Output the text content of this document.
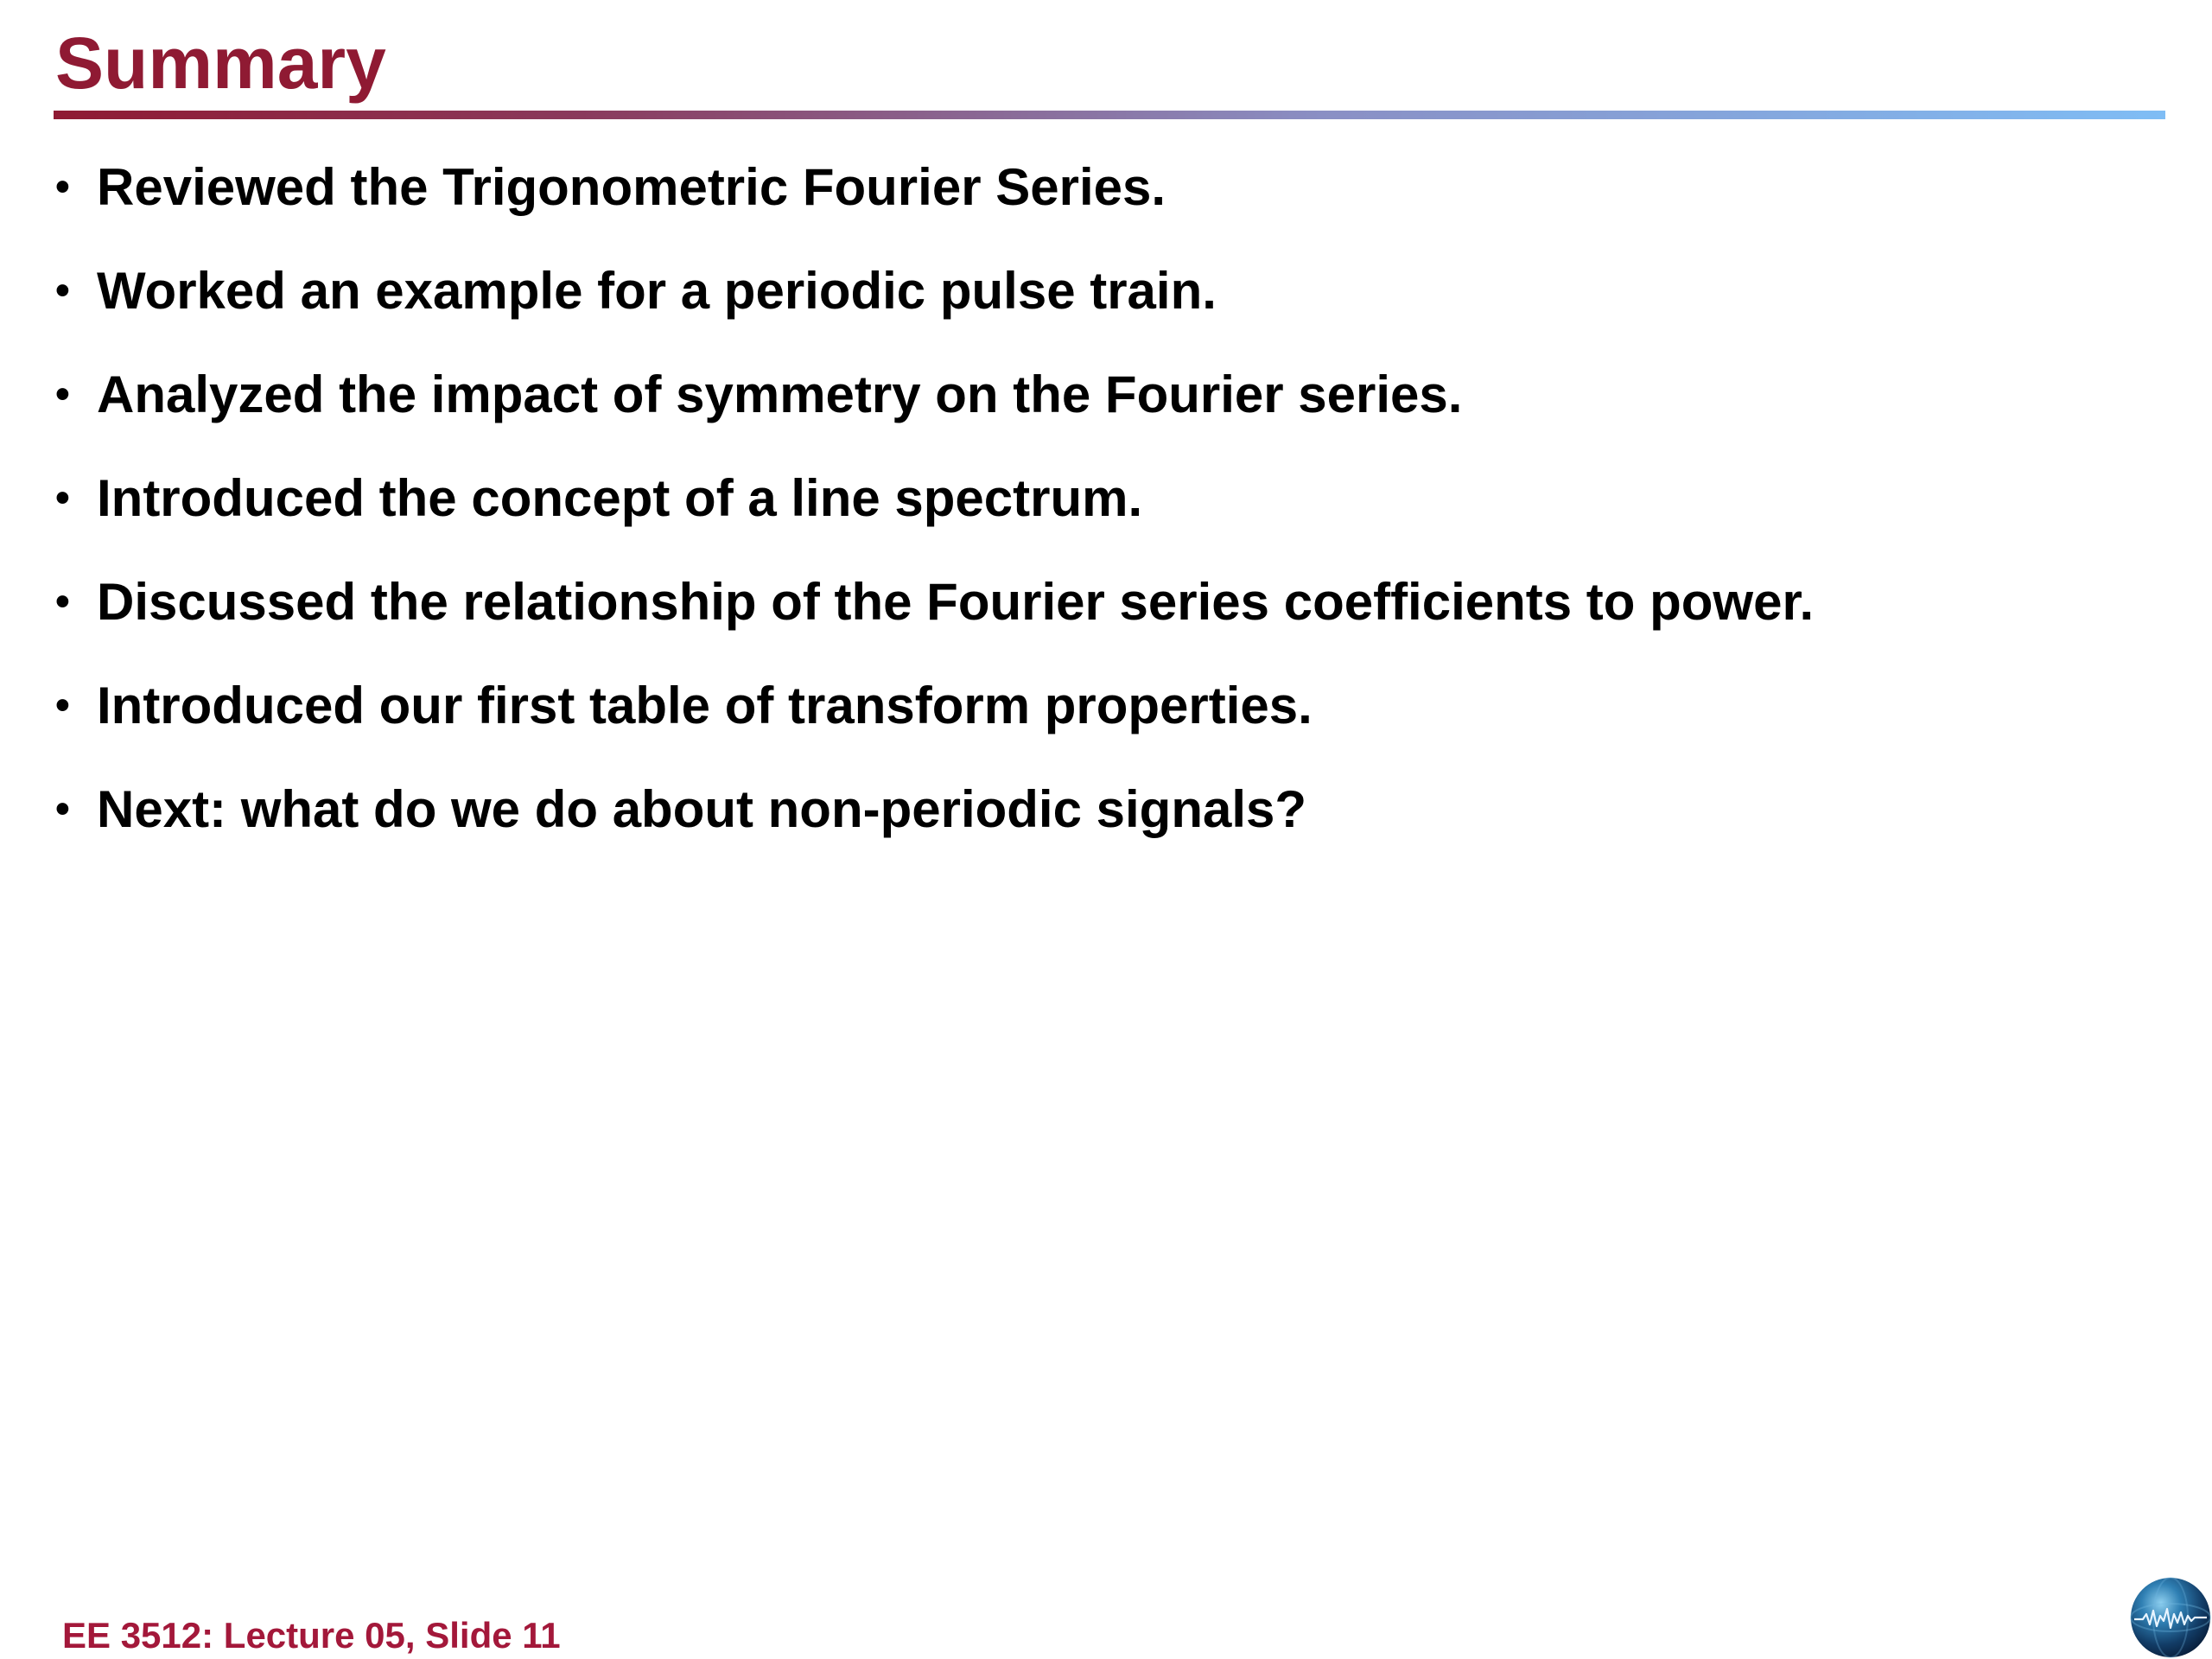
Summary
• Reviewed the Trigonometric Fourier Series.
• Worked an example for a periodic pulse train.
• Analyzed the impact of symmetry on the Fourier series.
• Introduced the concept of a line spectrum.
• Discussed the relationship of the Fourier series coefficients to power.
• Introduced our first table of transform properties.
• Next: what do we do about non-periodic signals?
EE 3512: Lecture 05, Slide 11
